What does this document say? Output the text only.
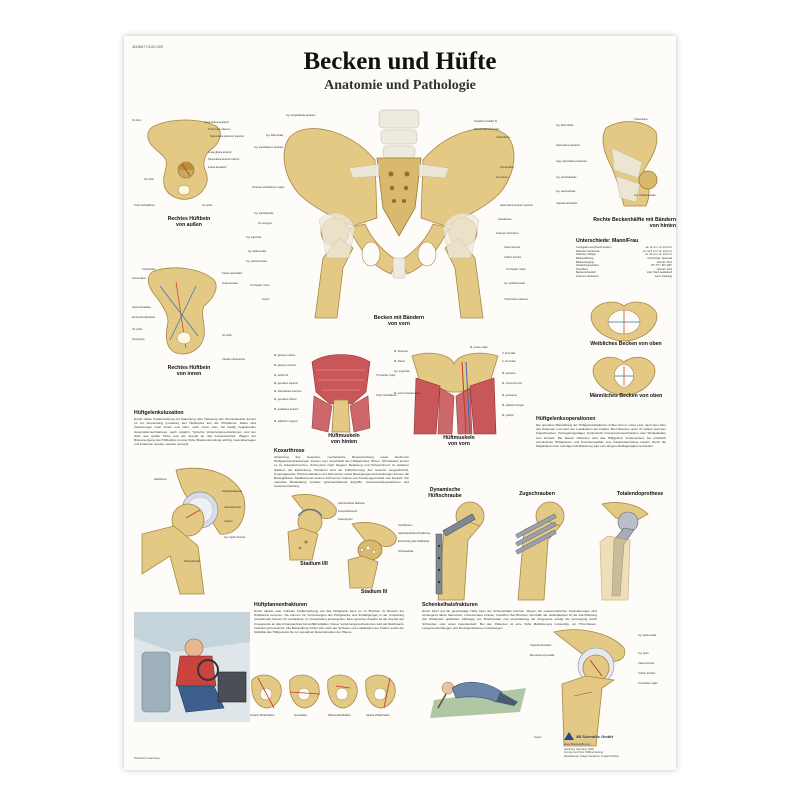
4006577/100.020
Becken und Hüfte
Anatomie und Pathologie
Os ilium
Linea glutea posterior
Tuberculum iliacum
Spina iliaca posterior superior
Linea glutea anterior
Spina iliaca anterior inferior
Fossa acetabuli
Tuber ischiadicum	Os pubis
Os ischii
Rechtes Hüftbein
von außen
Crista iliaca
Fossa iliaca
Facies auricularis
Linea arcuata
Spina ischiadica
Eminentia iliopubica
Os pubis
Symphysis
Os ischii
Canalis obturatorius
Rechtes Hüftbein
von innen
Lig. longitudinale anterius
Lig. iliolumbale
Lig. sacroiliacum anterius
Foramen ischiadicum majus
Lig. sacrospinale
Os coccygis
Lig. inguinale
Lig. iliofemorale
Lig. pubofemorale
Trochanter minor
Femur
Vertebra lumbalis IV
Discus intervertebralis
Crista iliaca
Fossa iliaca
Os sacrum
Spina iliaca anterior superior
Acetabulum
Foramen obturatum
Caput femoris
Collum femoris
Trochanter major
Lig. pubofemorale
Tuberculum pubicum
Becken mit Bändern
von vorn
Lig. iliolumbale
Crista iliaca
Spina iliaca posterior
Ligg. sacroiliaca posteriora
Lig. sacrotuberale
Lig. sacrospinale
Lig. ischiofemorale
Capsula articularis
Rechte Beckenhälfte mit Bändern
von hinten
Unterschiede: Mann/Frau
Conjugata vera (Durchmesser)	ca. 11 cm / ca. 11,5 cm
Diameter transversa	ca. 12,5 cm / ca. 13,5 cm
Diameter obliqua	ca. 12 cm / ca. 12,5 cm
Beckenöffnung	herzförmig / queroval
Beckeneingang	schmal / breit
Schambogenwinkel	70°-75° / 90°-100°
Kreuzbein	schmal / breit
Beckenschaufeln	steil / flach ausladend
Foramen obturatum	oval / dreieckig
Weibliches Becken von oben
Männliches Becken von oben
M. gluteus medius
M. gluteus minimus
M. piriformis
M. gemellus superior
M. obturatorius internus
M. gemellus inferior
M. quadratus femoris
M. adductor magnus
Trochanter major
Tuber ischiadicum
Hüftmuskeln
von hinten
M. iliopsoas
M. psoas major
M. iliacus
Lig. inguinale
M. sartorius
M. rectus femoris
M. tensor fasciae latae
M. pectineus
M. adductor longus
M. gracilis
A. femoralis
V. femoralis
Hüftmuskeln
von vorn
Hüftgelenksluxation
Durch starke Krafteinwirkung mit Stauchung oder Hebelung des Oberschenkels kommt es zur Ausrenkung (Luxation) des Hüftkopfes aus der Hüftpfanne. Dabei sind Verletzungen nach hinten und oben, nach vorne oder, bei häufig begleitenden Gelenkpfannenfrakturen, auch möglich. Typische Verletzungsmechanismen sind der Stoß aus großer Höhe und der Anprall an das Armaturenbrett. Wegen der Blutversorgung des Hüftkopfes ist eine frühe Wiedereinrenkung wichtig. Gelenkversagen und Frakturen werden operativ versorgt.
Hüftpfanne
Hüftgelenkkapsel
Gelenkknorpel
Labrum
Lig. capitis femoris
Oberschenkel
Koxarthrose
Abnutzung des Gelenkes, mechanische Beanspruchung sowie bestimmte Hüftgelenkserkrankungen können zum Verschleiß des Hüftgelenkes führen. Schubweise kommt es zu Anlaufschmerzen, Schmerzen nach längerer Belastung und Ruheschmerz im späteren Stadium der Erkrankung. Hierdurch wird die Fußkrümmung des Gelenks eingeschränkt. Knorpelgewebe, Pfannendefekten und Schmerzen sowie Bewegungseinschränkungen können die Beweglichkeit. Medikamente können Schmerzen lindern und Krankengymnastik zum Einsatz. Die operative Behandlung umfasst gelenkerhaltende Eingriffe, Gelenkersatzoperationen und Gelenkversteifung.
Stadium I/II
Stadium III
Subchondrale Sklerose
Knorpelschwund
Osteophyten
Geröllzysten
Gelenkspaltverschmälerung
Entrundung des Hüftkopfes
Schenkelhals
Hüftgelenksoperationen
Die operative Behandlung der Hüftgelenksfrakturen richtet sich in erster Linie nach dem Alter des Patienten und nach der Lokalisation der Fraktur. Bei Patienten unter 70 Jahren kommen Zugschrauben, Verriegelungsnägel, dynamische Kompressionsschrauben oder Winkelplatten zum Einsatz. Bei älteren Patienten wird das Hüftgelenk, insbesondere bei erheblich verminderter Hüftgelenks- und Knochenqualität, eine Totalendoprothese ersetzt. Durch die Möglichkeit einer sofortigen Mobilisierung wird eine längere Bettlägerigkeit vermieden.
Dynamische
Hüftschraube	Zugschrauben	Totalendoprothese
Hüftpfannenfrakturen
Durch direkte oder indirekte Krafteinwirkung auf das Hüftgelenk kann es zu Brüchen im Bereich der Hüftpfanne kommen. Sie können mit Verrenkungen des Hüftgelenks und Schädigungen in der Umgebung verlaufender Nerven (N. ischiadicus, N. obturatorius) einhergehen. Eine typische Ursache ist der Anprall des Kniegelenks an das Armaturenbrett bei Auffahrunfällen. Dieser Verletzungsmechanismus wird als Dashboard-Verletzung bezeichnet. Die Behandlung richtet sich nach der Schwere und Lokalisation der Fraktur sowie der Stabilität des Hüftgelenks bis zur operativen Rekonstruktion der Pfanne.
Vordere Pfeilerfraktur	Querfraktur	Pfannendachfraktur	Hintere Pfeilerfraktur
Schenkelhalsfrakturen
Durch Sturz auf die gleichseitige Hüfte kann der Schenkelhals brechen. Wegen der osteoporotischen Veränderungen sind vorwiegend ältere Menschen, insbesondere Frauen, betroffen. Bei Brüchen innerhalb der Gelenkkapsel ist die Durchblutung des Hüftkopfes gefährdet. Abhängig von Bruchverlauf und Verschiebung der Fragmente erfolgt die Versorgung durch Schrauben oder einen Gelenkersatz. Bei den Patienten ist eine frühe Mobilisierung notwendig, um Thrombosen, Lungenentzündungen und Druckgeschwüren vorzubeugen.
Lig. iliofemorale
Capsula articularis
Membrana synovialis
Lig. teres
Caput femoris
Collum femoris
Trochanter major
Femur
Printed in Germany
3B Scientific GmbH
www.3bscientific.com
Hamburg, Germany, 2002
Konzept und Text: Wilfried Hennig
Illustrationen: Holger Vanselow, Irmgard Süßner
